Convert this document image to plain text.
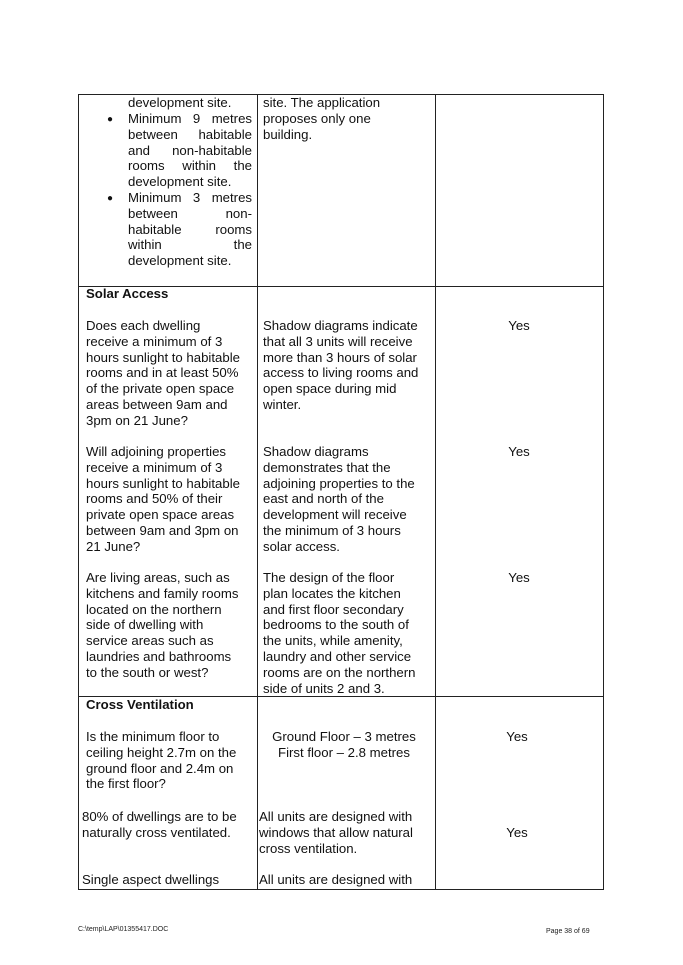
development site.
● Minimum 9 metres
between habitable
and non-habitable
rooms within the
development site.
● Minimum 3 metres
between non-
habitable rooms
within the
development site.
site. The application
proposes only one
building.
Solar Access
Does each dwelling
receive a minimum of 3
hours sunlight to habitable
rooms and in at least 50%
of the private open space
areas between 9am and
3pm on 21 June?
Shadow diagrams indicate
that all 3 units will receive
more than 3 hours of solar
access to living rooms and
open space during mid
winter.
Yes
Will adjoining properties
receive a minimum of 3
hours sunlight to habitable
rooms and 50% of their
private open space areas
between 9am and 3pm on
21 June?
Shadow diagrams
demonstrates that the
adjoining properties to the
east and north of the
development will receive
the minimum of 3 hours
solar access.
Yes
Are living areas, such as
kitchens and family rooms
located on the northern
side of dwelling with
service areas such as
laundries and bathrooms
to the south or west?
The design of the floor
plan locates the kitchen
and first floor secondary
bedrooms to the south of
the units, while amenity,
laundry and other service
rooms are on the northern
side of units 2 and 3.
Yes
Cross Ventilation
Is the minimum floor to
ceiling height 2.7m on the
ground floor and 2.4m on
the first floor?
Ground Floor – 3 metres
First floor – 2.8 metres
Yes
80% of dwellings are to be
naturally cross ventilated.
All units are designed with
windows that allow natural
cross ventilation.
Yes
Single aspect dwellings	All units are designed with
C:\temp\LAP\01355417.DOC	Page 38 of 69
